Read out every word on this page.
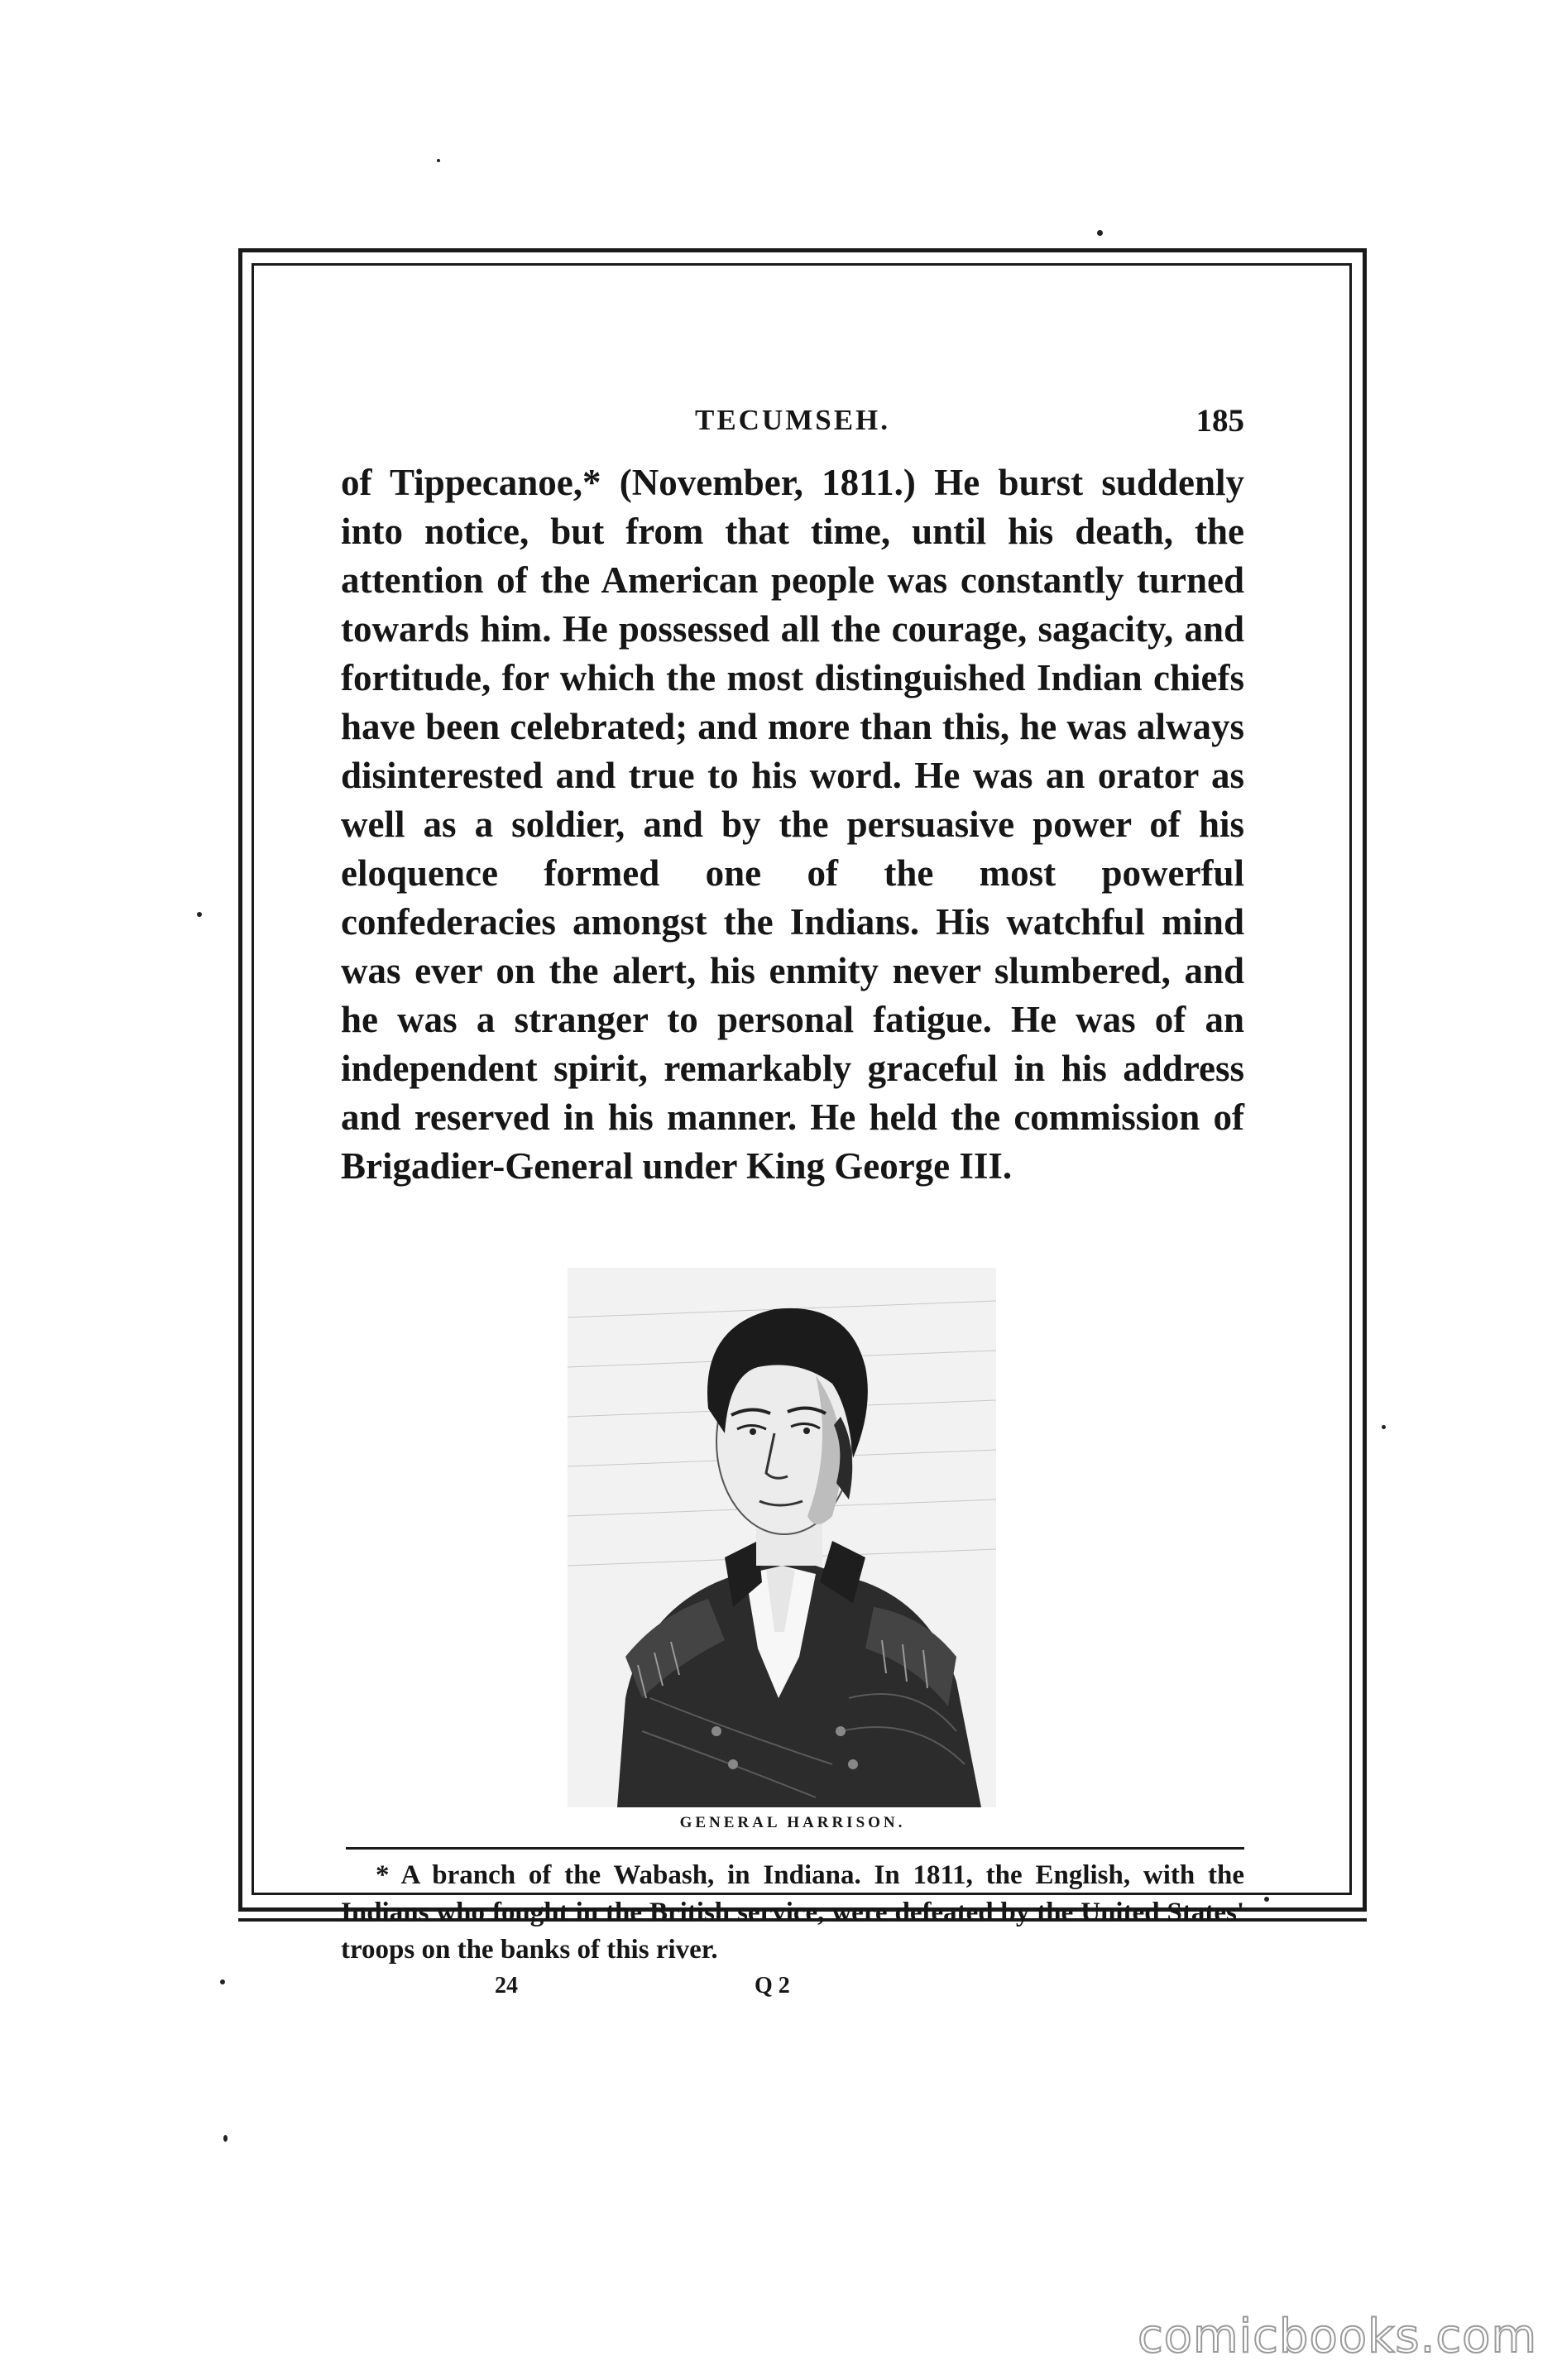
TECUMSEH.	185

of Tippecanoe,* (November, 1811.) He burst suddenly into notice, but from that time, until his death, the attention of the American people was constantly turned towards him. He possessed all the courage, sagacity, and fortitude, for which the most distinguished Indian chiefs have been celebrated; and more than this, he was always disinterested and true to his word. He was an orator as well as a soldier, and by the persuasive power of his eloquence formed one of the most powerful confederacies amongst the Indians. His watchful mind was ever on the alert, his enmity never slumbered, and he was a stranger to personal fatigue. He was of an independent spirit, remarkably graceful in his address and reserved in his manner. He held the commission of Brigadier-General under King George III.

GENERAL HARRISON.

* A branch of the Wabash, in Indiana. In 1811, the English, with the Indians who fought in the British service, were defeated by the United States' troops on the banks of this river.

24	Q 2
comicbooks.com
